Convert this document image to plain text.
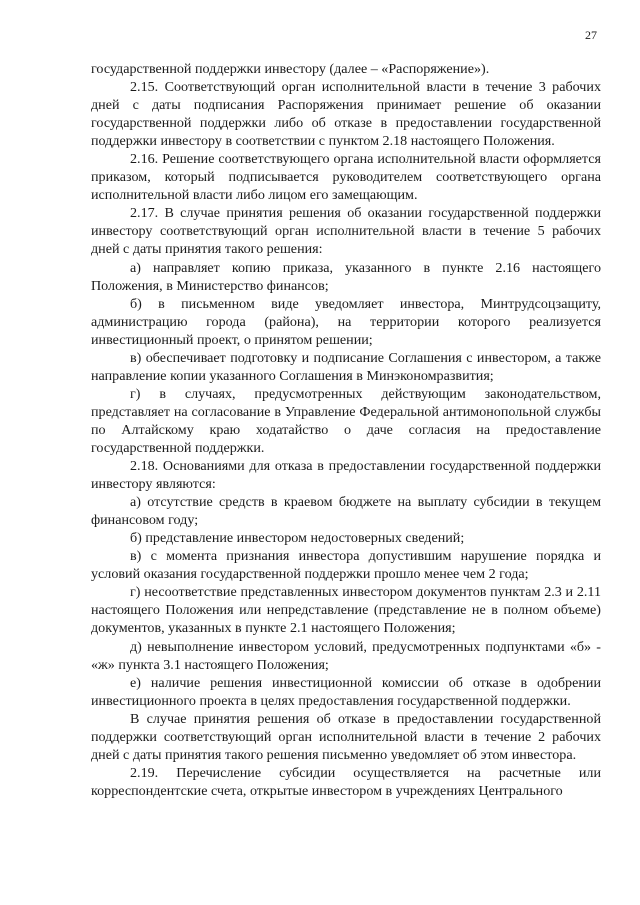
27

государственной поддержки инвестору (далее – «Распоряжение»).

2.15. Соответствующий орган исполнительной власти в течение 3 рабочих дней с даты подписания Распоряжения принимает решение об оказании государственной поддержки либо об отказе в предоставлении государственной поддержки инвестору в соответствии с пунктом 2.18 настоящего Положения.

2.16. Решение соответствующего органа исполнительной власти оформляется приказом, который подписывается руководителем соответствующего органа исполнительной власти либо лицом его замещающим.

2.17. В случае принятия решения об оказании государственной поддержки инвестору соответствующий орган исполнительной власти в течение 5 рабочих дней с даты принятия такого решения:

а) направляет копию приказа, указанного в пункте 2.16 настоящего Положения, в Министерство финансов;

б) в письменном виде уведомляет инвестора, Минтрудсоцзащиту, администрацию города (района), на территории которого реализуется инвестиционный проект, о принятом решении;

в) обеспечивает подготовку и подписание Соглашения с инвестором, а также направление копии указанного Соглашения в Минэкономразвития;

г) в случаях, предусмотренных действующим законодательством, представляет на согласование в Управление Федеральной антимонопольной службы по Алтайскому краю ходатайство о даче согласия на предоставление государственной поддержки.

2.18. Основаниями для отказа в предоставлении государственной поддержки инвестору являются:

а) отсутствие средств в краевом бюджете на выплату субсидии в текущем финансовом году;

б) представление инвестором недостоверных сведений;

в) с момента признания инвестора допустившим нарушение порядка и условий оказания государственной поддержки прошло менее чем 2 года;

г) несоответствие представленных инвестором документов пунктам 2.3 и 2.11 настоящего Положения или непредставление (представление не в полном объеме) документов, указанных в пункте 2.1 настоящего Положения;

д) невыполнение инвестором условий, предусмотренных подпунктами «б» - «ж» пункта 3.1 настоящего Положения;

е) наличие решения инвестиционной комиссии об отказе в одобрении инвестиционного проекта в целях предоставления государственной поддержки.

В случае принятия решения об отказе в предоставлении государственной поддержки соответствующий орган исполнительной власти в течение 2 рабочих дней с даты принятия такого решения письменно уведомляет об этом инвестора.

2.19. Перечисление субсидии осуществляется на расчетные или корреспондентские счета, открытые инвестором в учреждениях Центрального
